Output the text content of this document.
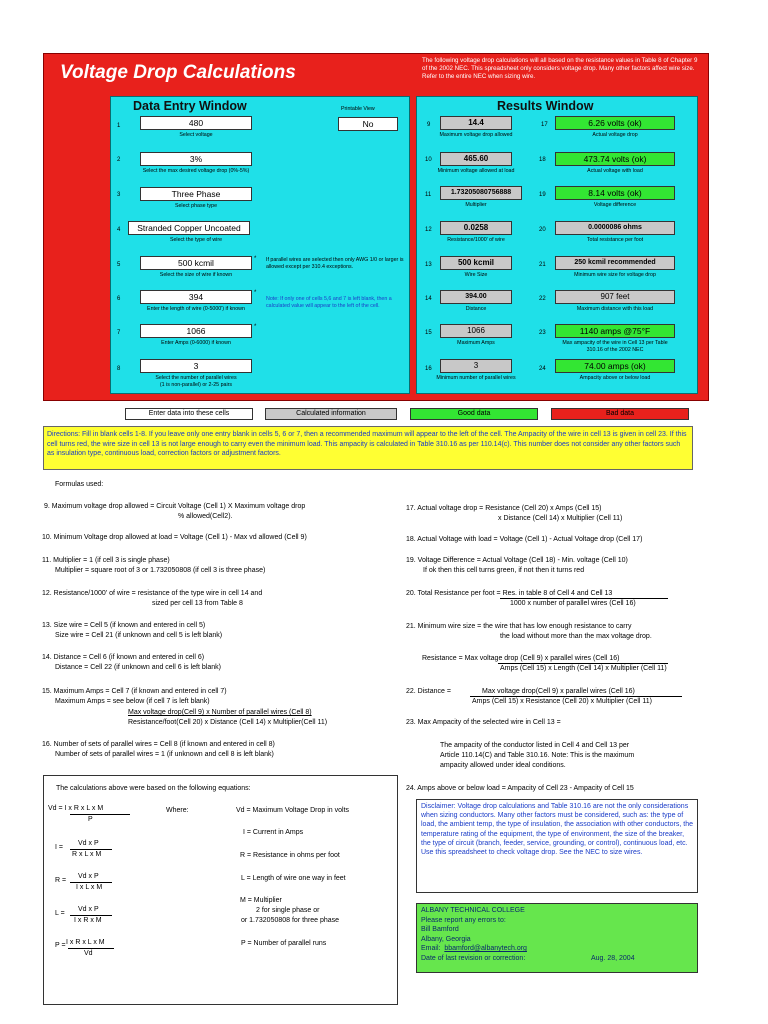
Voltage Drop Calculations
The following voltage drop calculations will all based on the resistance values in Table 8 of Chapter 9 of the 2002 NEC. This spreadsheet only considers voltage drop. Many other factors affect wire size. Refer to the entire NEC when sizing wire.
Data Entry Window	Printable View
No
1	480
Select voltage
2	3%
Select the max desired voltage drop (0%-5%)
3	Three Phase
Select phase type
4	Stranded Copper Uncoated
Select the type of wire
5	500 kcmil	*
Select the size of wire if known
If parallel wires are selected then only AWG 1/0 or larger is allowed except per 310.4 exceptions.
6	394	*
Enter the length of wire (0-5000') if known
Note: If only one of cells 5,6 and 7 is left blank, then a calculated value will appear to the left of the cell.
7	1066	*
Enter Amps (0-6000) if known
8	3
Select the number of parallel wires
(1 is non-parallel) or 2-25 pairs
Results Window
9	14.4
Maximum voltage drop allowed
10	465.60
Minimum voltage allowed at load
11	1.73205080756888
Multiplier
12	0.0258
Resistance/1000' of wire
13	500 kcmil
Wire Size
14	394.00
Distance
15	1066
Maximum Amps
16	3
Minimum number of parallel wires
17	6.26 volts (ok)
Actual voltage drop
18	473.74 volts (ok)
Actual voltage with load
19	8.14 volts (ok)
Voltage difference
20	0.0000086 ohms
Total resistance per foot
21	250 kcmil recommended
Minimum wire size for voltage drop
22	907 feet
Maximum distance with this load
23	1140 amps @75°F
Max ampacity of the wire in Cell 13 per Table
310.16 of the 2002 NEC
24	74.00 amps (ok)
Ampacity above or below load
Enter data into these cells	Calculated information	Good data	Bad data
Directions: Fill in blank cells 1-8. If you leave only one entry blank in cells 5, 6 or 7, then a recommended maximum will appear to the left of the cell. The Ampacity of the wire in cell 13 is given in cell 23. If this cell turns red, the wire size in cell 13 is not large enough to carry even the minimum load. This ampacity is calculated in Table 310.16 as per 110.14(c). This number does not consider any other factors such as insulation type, continuous load, correction factors or adjustment factors.
Formulas used:
9. Maximum voltage drop allowed = Circuit Voltage (Cell 1) X Maximum voltage drop
% allowed(Cell2).
10. Minimum Voltage drop allowed at load = Voltage (Cell 1) - Max vd allowed (Cell 9)
11. Multiplier = 1 (if cell 3 is single phase)
Multiplier = square root of 3 or 1.732050808 (if cell 3 is three phase)
12. Resistance/1000' of wire = resistance of the type wire in cell 14 and
sized per cell 13 from Table 8
13. Size wire = Cell 5 (if known and entered in cell 5)
Size wire = Cell 21 (if unknown and cell 5 is left blank)
14. Distance = Cell 6 (if known and entered in cell 6)
Distance = Cell 22 (if unknown and cell 6 is left blank)
15. Maximum Amps = Cell 7 (if known and entered in cell 7)
Maximum Amps = see below (if cell 7 is left blank)
Max voltage drop(Cell 9) x Number of parallel wires (Cell 8)
Resistance/foot(Cell 20) x Distance (Cell 14) x Multiplier(Cell 11)
16. Number of sets of parallel wires = Cell 8 (if known and entered in cell 8)
Number of sets of parallel wires = 1 (if unknown and cell 8 is left blank)
17. Actual voltage drop = Resistance (Cell 20) x Amps (Cell 15)
x Distance (Cell 14) x Multiplier (Cell 11)
18. Actual Voltage with load = Voltage (Cell 1) - Actual Voltage drop (Cell 17)
19. Voltage Difference = Actual Voltage (Cell 18) - Min. voltage (Cell 10)
If ok then this cell turns green, if not then it turns red
20. Total Resistance per foot = Res. in table 8 of Cell 4 and Cell 13
1000 x number of parallel wires (Cell 16)
21. Minimum wire size = the wire that has low enough resistance to carry
the load without more than the max voltage drop.
Resistance = Max voltage drop (Cell 9) x parallel wires (Cell 16)
Amps (Cell 15) x Length (Cell 14) x Multiplier (Cell 11)
22. Distance =	Max voltage drop(Cell 9) x parallel wires (Cell 16)
Amps (Cell 15) x Resistance (Cell 20) x Multiplier (Cell 11)
23. Max Ampacity of the selected wire in Cell 13 =
The ampacity of the conductor listed in Cell 4 and Cell 13 per
Article 110.14(C) and Table 310.16. Note: This is the maximum
ampacity allowed under ideal conditions.
24. Amps above or below load = Ampacity of Cell 23 - Ampacity of Cell 15
The calculations above were based on the following equations:
Vd = I x R x L x M
P
Where:
I =
Vd x P
R x L x M
R =
Vd x P
I x L x M
L =
Vd x P
I x R x M
P = I x R x L x M
Vd
Vd = Maximum Voltage Drop in volts
I = Current in Amps
R = Resistance in ohms per foot
L = Length of wire one way in feet
M = Multiplier
2 for single phase or
or 1.732050808 for three phase
P = Number of parallel runs
Disclaimer: Voltage drop calculations and Table 310.16 are not the only considerations when sizing conductors. Many other factors must be considered, such as: the type of load, the ambient temp, the type of insulation, the association with other conductors, the temperature rating of the equipment, the type of environment, the size of the breaker, the type of circuit (branch, feeder, service, grounding, or control), continuous load, etc. Use this spreadsheet to check voltage drop. See the NEC to size wires.
ALBANY TECHNICAL COLLEGE
Please report any errors to:
Bill Bamford
Albany, Georgia
Email: bbamford@albanytech.org
Date of last revision or correction:	Aug. 28, 2004
